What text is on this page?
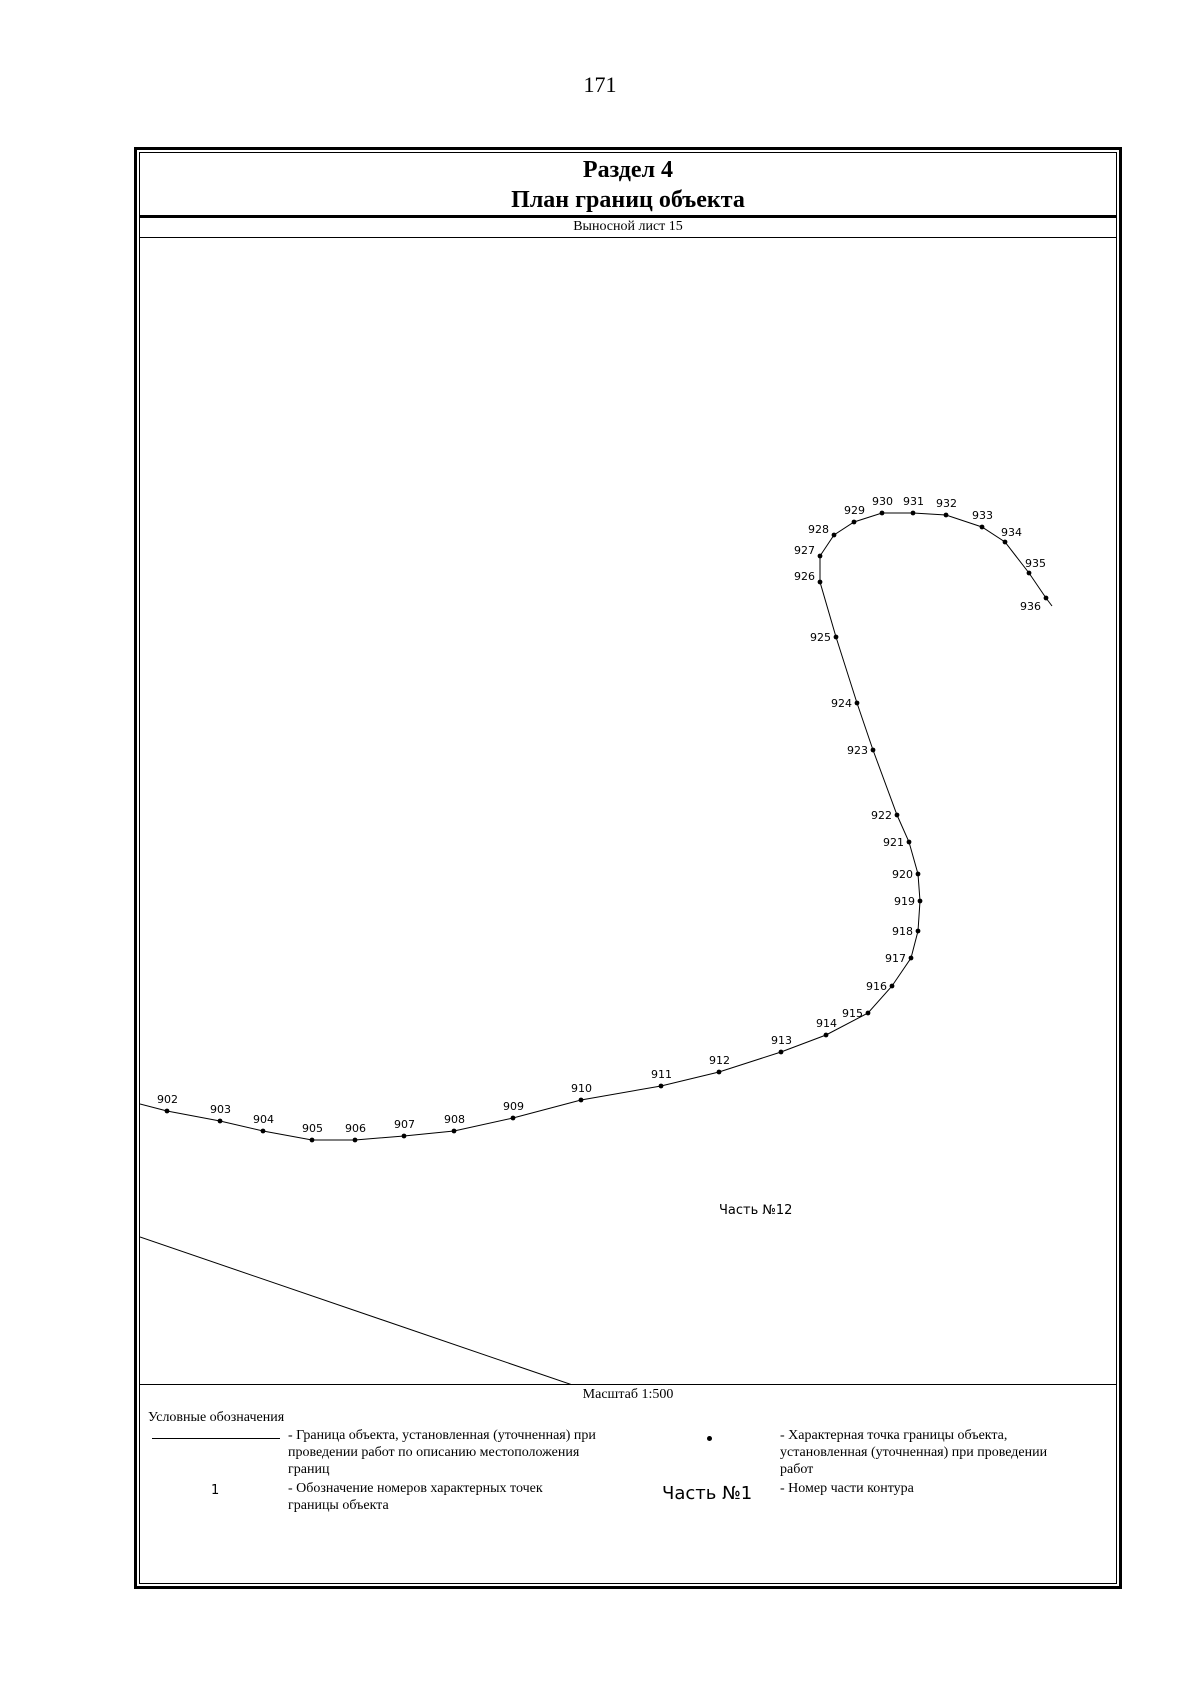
171
Раздел 4
План границ объекта
Выносной лист 15
902
903
904
905 906	907	908
909
910
911
912
913
914
915
916
917
918
919
920
921
922
923
924
925
926
927
928
929
930 931 932
933
934
935
936
Часть №12
Масштаб 1:500
Условные обозначения
- Граница объекта, установленная (уточненная) при проведении работ по описанию местоположения границ
1	- Обозначение номеров характерных точек границы объекта
- Характерная точка границы объекта, установленная (уточненная) при проведении работ
Часть №1 - Номер части контура
